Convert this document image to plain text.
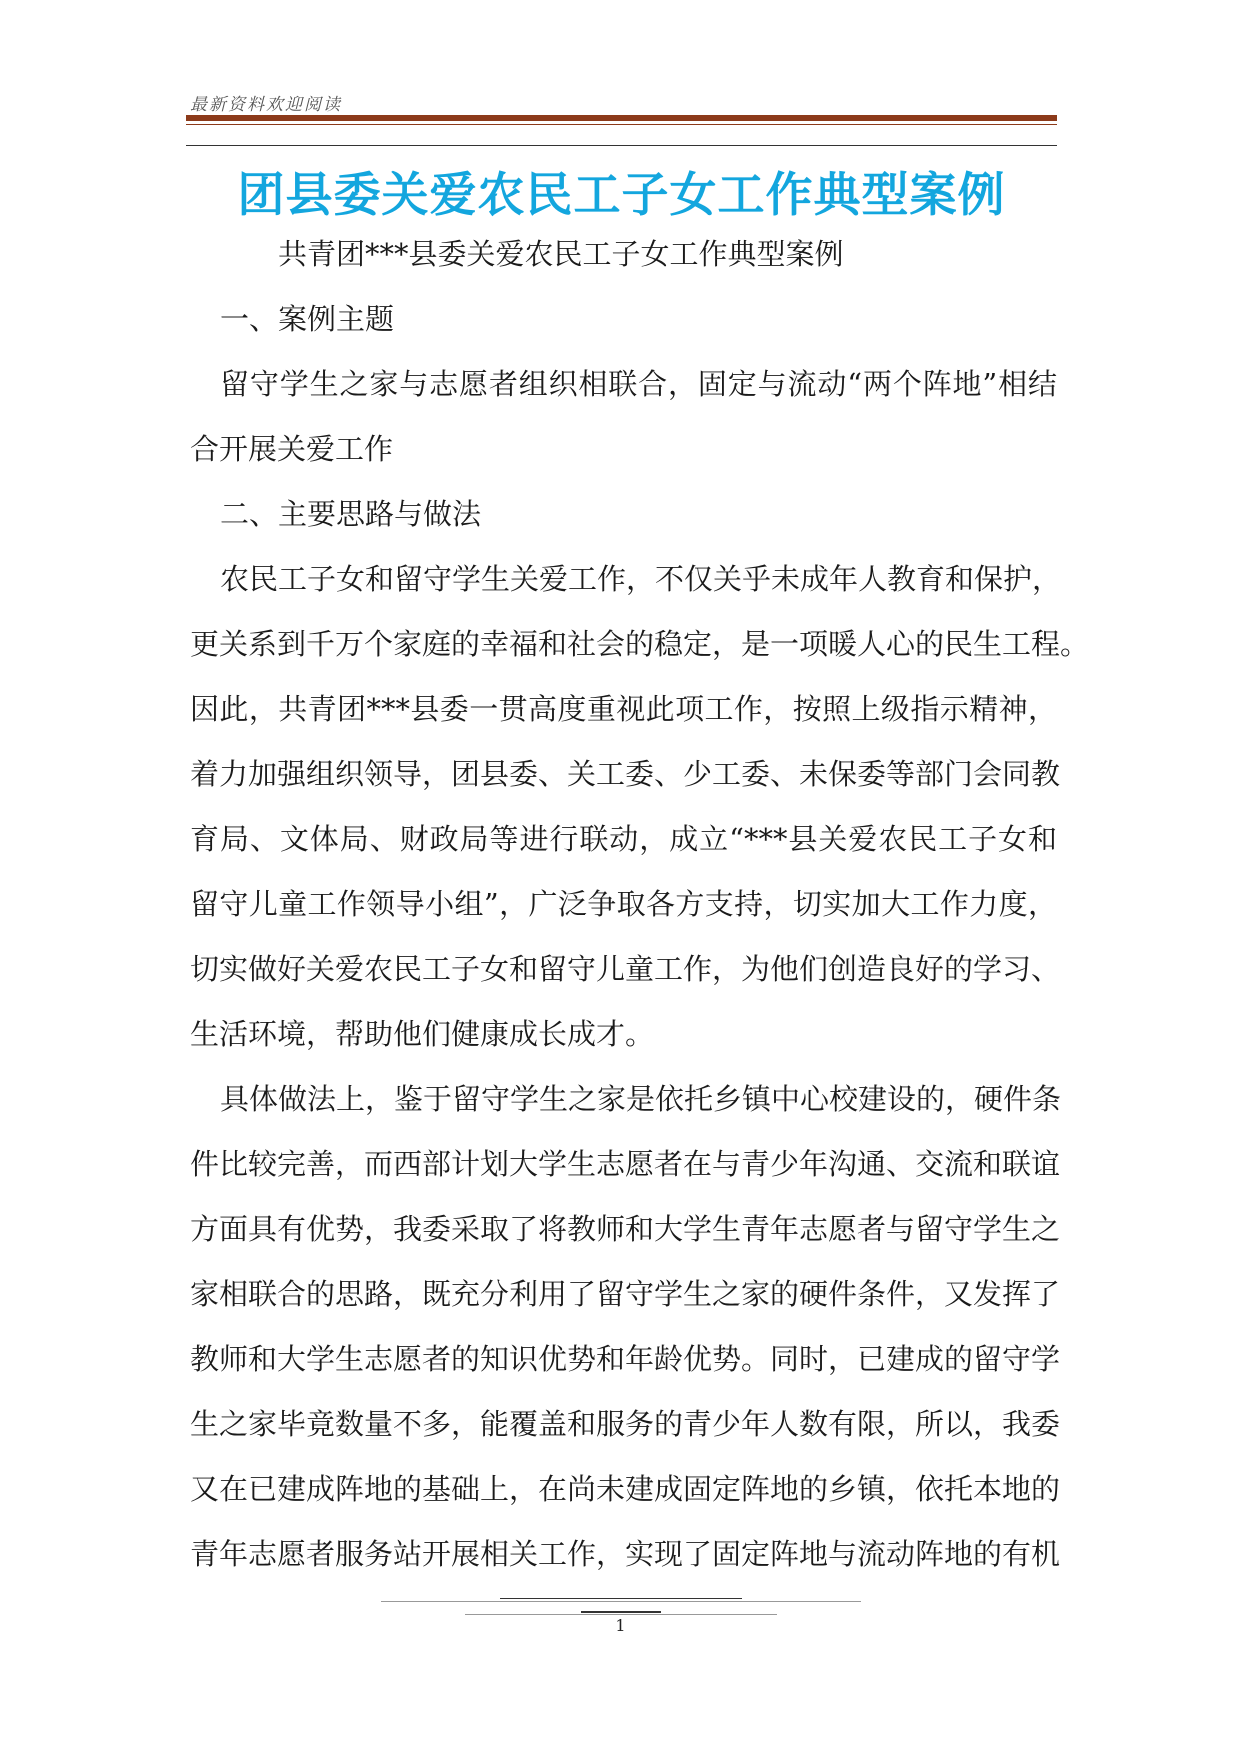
最新资料欢迎阅读
团县委关爱农民工子女工作典型案例
共青团***县委关爱农民工子女工作典型案例
一、案例主题
留守学生之家与志愿者组织相联合，固定与流动“两个阵地”相结
合开展关爱工作
二、主要思路与做法
农民工子女和留守学生关爱工作，不仅关乎未成年人教育和保护，
更关系到千万个家庭的幸福和社会的稳定，是一项暖人心的民生工程。
因此，共青团***县委一贯高度重视此项工作，按照上级指示精神，
着力加强组织领导，团县委、关工委、少工委、未保委等部门会同教
育局、文体局、财政局等进行联动，成立“***县关爱农民工子女和
留守儿童工作领导小组”，广泛争取各方支持，切实加大工作力度，
切实做好关爱农民工子女和留守儿童工作，为他们创造良好的学习、
生活环境，帮助他们健康成长成才。
具体做法上，鉴于留守学生之家是依托乡镇中心校建设的，硬件条
件比较完善，而西部计划大学生志愿者在与青少年沟通、交流和联谊
方面具有优势，我委采取了将教师和大学生青年志愿者与留守学生之
家相联合的思路，既充分利用了留守学生之家的硬件条件，又发挥了
教师和大学生志愿者的知识优势和年龄优势。同时，已建成的留守学
生之家毕竟数量不多，能覆盖和服务的青少年人数有限，所以，我委
又在已建成阵地的基础上，在尚未建成固定阵地的乡镇，依托本地的
青年志愿者服务站开展相关工作，实现了固定阵地与流动阵地的有机
1
